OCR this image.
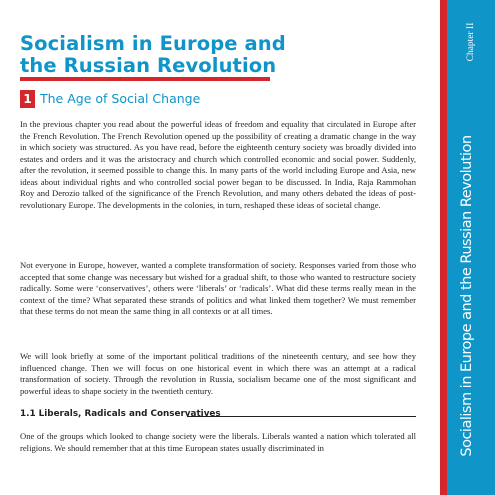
Socialism in Europe and
the Russian Revolution
1 The Age of Social Change

In the previous chapter you read about the powerful ideas of freedom and equality that circulated in Europe after the French Revolution. The French Revolution opened up the possibility of creating a dramatic change in the way in which society was structured. As you have read, before the eighteenth century society was broadly divided into estates and orders and it was the aristocracy and church which controlled economic and social power. Suddenly, after the revolution, it seemed possible to change this. In many parts of the world including Europe and Asia, new ideas about individual rights and who controlled social power began to be discussed. In India, Raja Rammohan Roy and Derozio talked of the significance of the French Revolution, and many others debated the ideas of post-revolutionary Europe. The developments in the colonies, in turn, reshaped these ideas of societal change.

Not everyone in Europe, however, wanted a complete transformation of society. Responses varied from those who accepted that some change was necessary but wished for a gradual shift, to those who wanted to restructure society radically. Some were ‘conservatives’, others were ‘liberals’ or ‘radicals’. What did these terms really mean in the context of the time? What separated these strands of politics and what linked them together? We must remember that these terms do not mean the same thing in all contexts or at all times.

We will look briefly at some of the important political traditions of the nineteenth century, and see how they influenced change. Then we will focus on one historical event in which there was an attempt at a radical transformation of society. Through the revolution in Russia, socialism became one of the most significant and powerful ideas to shape society in the twentieth century.

1.1 Liberals, Radicals and Conservatives

One of the groups which looked to change society were the liberals. Liberals wanted a nation which tolerated all religions. We should remember that at this time European states usually discriminated in

Chapter II
Socialism in Europe and the Russian Revolution
